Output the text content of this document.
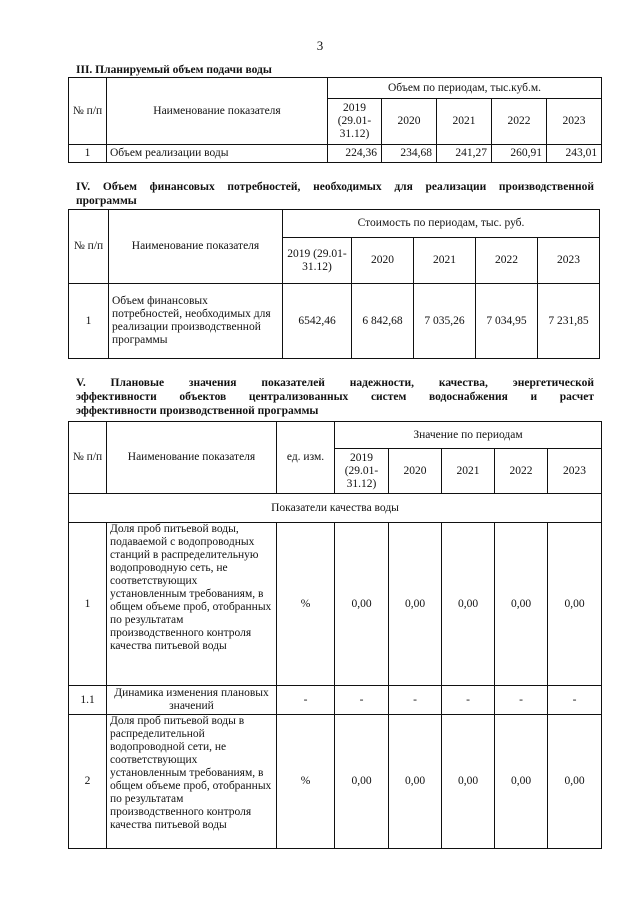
3
III. Планируемый объем подачи воды
№ п/п	Наименование показателя	Объем по периодам, тыс.куб.м.				
		2019 (29.01-31.12)	2020	2021	2022	2023
1	Объем реализации воды	224,36	234,68	241,27	260,91	243,01
IV. Объем финансовых потребностей, необходимых для реализации производственной
программы
№ п/п	Наименование показателя	Стоимость по периодам, тыс. руб.				
		2019 (29.01-31.12)	2020	2021	2022	2023
1	Объем финансовых потребностей, необходимых для реализации производственной программы	6542,46	6 842,68	7 035,26	7 034,95	7 231,85
V. Плановые значения показателей надежности, качества, энергетической
эффективности объектов централизованных систем водоснабжения и расчет
эффективности производственной программы
№ п/п	Наименование показателя	ед. изм.	Значение по периодам				
			2019 (29.01-31.12)	2020	2021	2022	2023
Показатели качества воды							
1	Доля проб питьевой воды, подаваемой с водопроводных станций в распределительную водопроводную сеть, не соответствующих установленным требованиям, в общем объеме проб, отобранных по результатам производственного контроля качества питьевой воды	%	0,00	0,00	0,00	0,00	0,00
1.1	Динамика изменения плановых значений	-	-	-	-	-	-
2	Доля проб питьевой воды в распределительной водопроводной сети, не соответствующих установленным требованиям, в общем объеме проб, отобранных по результатам производственного контроля качества питьевой воды	%	0,00	0,00	0,00	0,00	0,00
